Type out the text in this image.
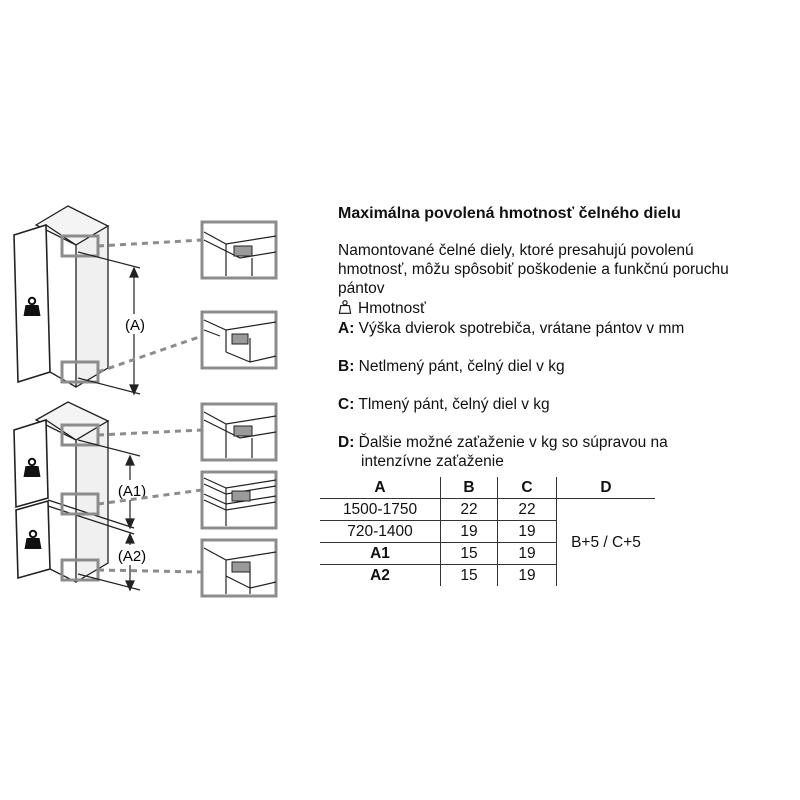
(A)
(A1)
(A2)
Maximálna povolená hmotnosť čelného dielu
Namontované čelné diely, ktoré presahujú povolenú
hmotnosť, môžu spôsobiť poškodenie a funkčnú poruchu
pántov
Hmotnosť
A: Výška dvierok spotrebiča, vrátane pántov v mm
B: Netlmený pánt, čelný diel v kg
C: Tlmený pánt, čelný diel v kg
D: Ďalšie možné zaťaženie v kg so súpravou na
intenzívne zaťaženie
A	B	C	D
1500-1750	22	22	B+5 / C+5
720-1400	19	19	
A1	15	19	
A2	15	19	
